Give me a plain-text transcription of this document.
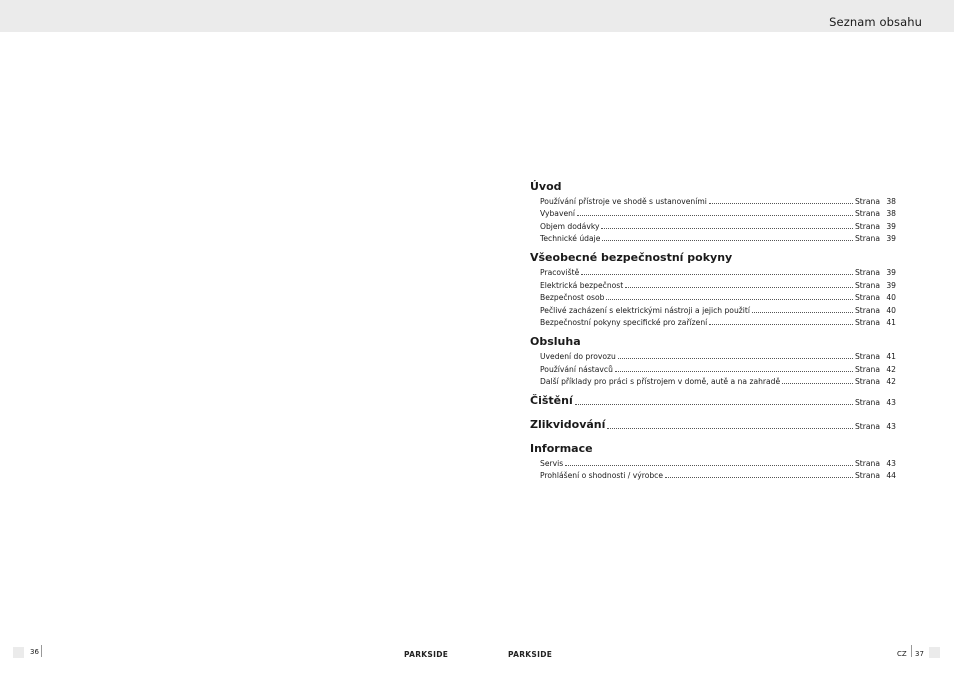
Seznam obsahu
Úvod
Používání přístroje ve shodě s ustanoveními	Strana 38
Vybavení	Strana 38
Objem dodávky	Strana 39
Technické údaje	Strana 39
Všeobecné bezpečnostní pokyny
Pracoviště	Strana 39
Elektrická bezpečnost	Strana 39
Bezpečnost osob	Strana 40
Pečlivé zacházení s elektrickými nástroji a jejich použití	Strana 40
Bezpečnostní pokyny specifické pro zařízení	Strana 41
Obsluha
Uvedení do provozu	Strana 41
Používání nástavců	Strana 42
Další příklady pro práci s přístrojem v domě, autě a na zahradě	Strana 42
Čištění	Strana 43
Zlikvidování	Strana 43
Informace
Servis	Strana 43
Prohlášení o shodnosti / výrobce	Strana 44
36	PARKSIDE	PARKSIDE	CZ 37
